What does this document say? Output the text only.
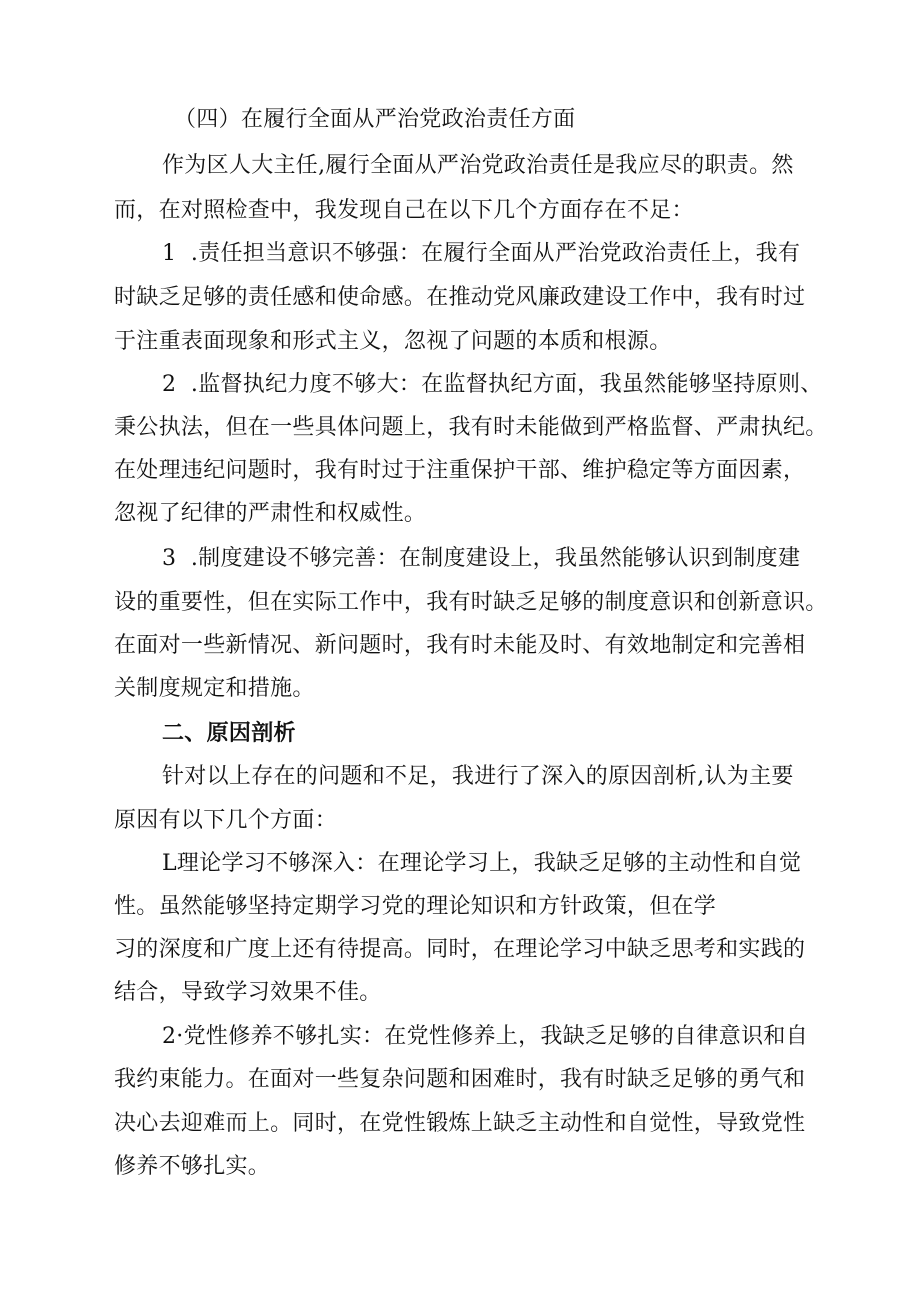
（四）在履行全面从严治党政治责任方面
作为区人大主任,履行全面从严治党政治责任是我应尽的职责。然
而，在对照检查中，我发现自己在以下几个方面存在不足：
1  .责任担当意识不够强：在履行全面从严治党政治责任上，我有
时缺乏足够的责任感和使命感。在推动党风廉政建设工作中，我有时过
于注重表面现象和形式主义，忽视了问题的本质和根源。
2  .监督执纪力度不够大：在监督执纪方面，我虽然能够坚持原则、
秉公执法，但在一些具体问题上，我有时未能做到严格监督、严肃执纪。
在处理违纪问题时，我有时过于注重保护干部、维护稳定等方面因素，
忽视了纪律的严肃性和权威性。
3  .制度建设不够完善：在制度建设上，我虽然能够认识到制度建
设的重要性，但在实际工作中，我有时缺乏足够的制度意识和创新意识。
在面对一些新情况、新问题时，我有时未能及时、有效地制定和完善相
关制度规定和措施。
二、原因剖析
针对以上存在的问题和不足，我进行了深入的原因剖析,认为主要
原因有以下几个方面：
L理论学习不够深入：在理论学习上，我缺乏足够的主动性和自觉
性。虽然能够坚持定期学习党的理论知识和方针政策，但在学
习的深度和广度上还有待提高。同时，在理论学习中缺乏思考和实践的
结合，导致学习效果不佳。
2·党性修养不够扎实：在党性修养上，我缺乏足够的自律意识和自
我约束能力。在面对一些复杂问题和困难时，我有时缺乏足够的勇气和
决心去迎难而上。同时，在党性锻炼上缺乏主动性和自觉性，导致党性
修养不够扎实。
